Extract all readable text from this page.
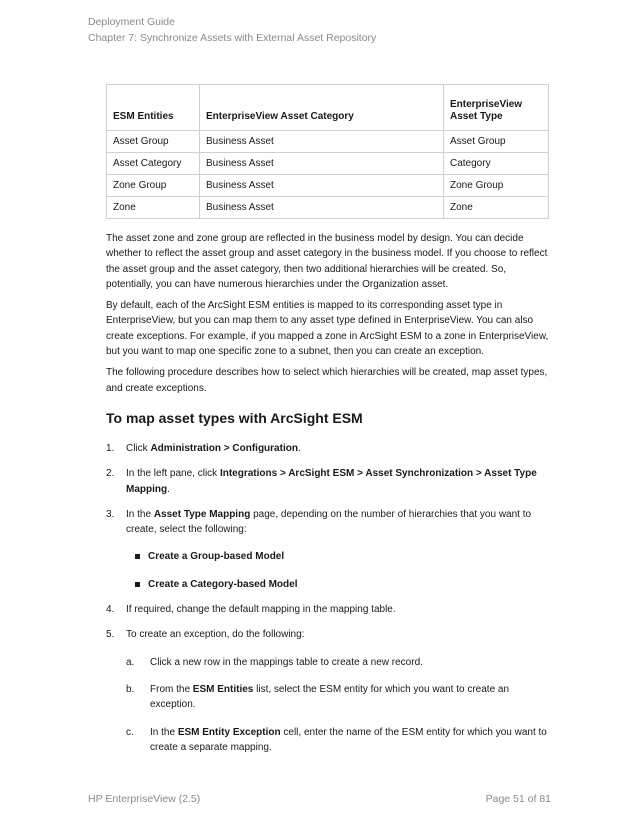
Deployment Guide
Chapter 7: Synchronize Assets with External Asset Repository
ESM Entities	EnterpriseView Asset Category	EnterpriseView Asset Type
Asset Group	Business Asset	Asset Group
Asset Category	Business Asset	Category
Zone Group	Business Asset	Zone Group
Zone	Business Asset	Zone

The asset zone and zone group are reflected in the business model by design. You can decide whether to reflect the asset group and asset category in the business model. If you choose to reflect the asset group and the asset category, then two additional hierarchies will be created. So, potentially, you can have numerous hierarchies under the Organization asset.

By default, each of the ArcSight ESM entities is mapped to its corresponding asset type in EnterpriseView, but you can map them to any asset type defined in EnterpriseView. You can also create exceptions. For example, if you mapped a zone in ArcSight ESM to a zone in EnterpriseView, but you want to map one specific zone to a subnet, then you can create an exception.

The following procedure describes how to select which hierarchies will be created, map asset types, and create exceptions.

To map asset types with ArcSight ESM
1. Click Administration > Configuration.
2. In the left pane, click Integrations > ArcSight ESM > Asset Synchronization > Asset Type Mapping.
3. In the Asset Type Mapping page, depending on the number of hierarchies that you want to create, select the following:
Create a Group-based Model
Create a Category-based Model
4. If required, change the default mapping in the mapping table.
5. To create an exception, do the following:
a. Click a new row in the mappings table to create a new record.
b. From the ESM Entities list, select the ESM entity for which you want to create an exception.
c. In the ESM Entity Exception cell, enter the name of the ESM entity for which you want to create a separate mapping.
HP EnterpriseView (2.5)	Page 51 of 81
